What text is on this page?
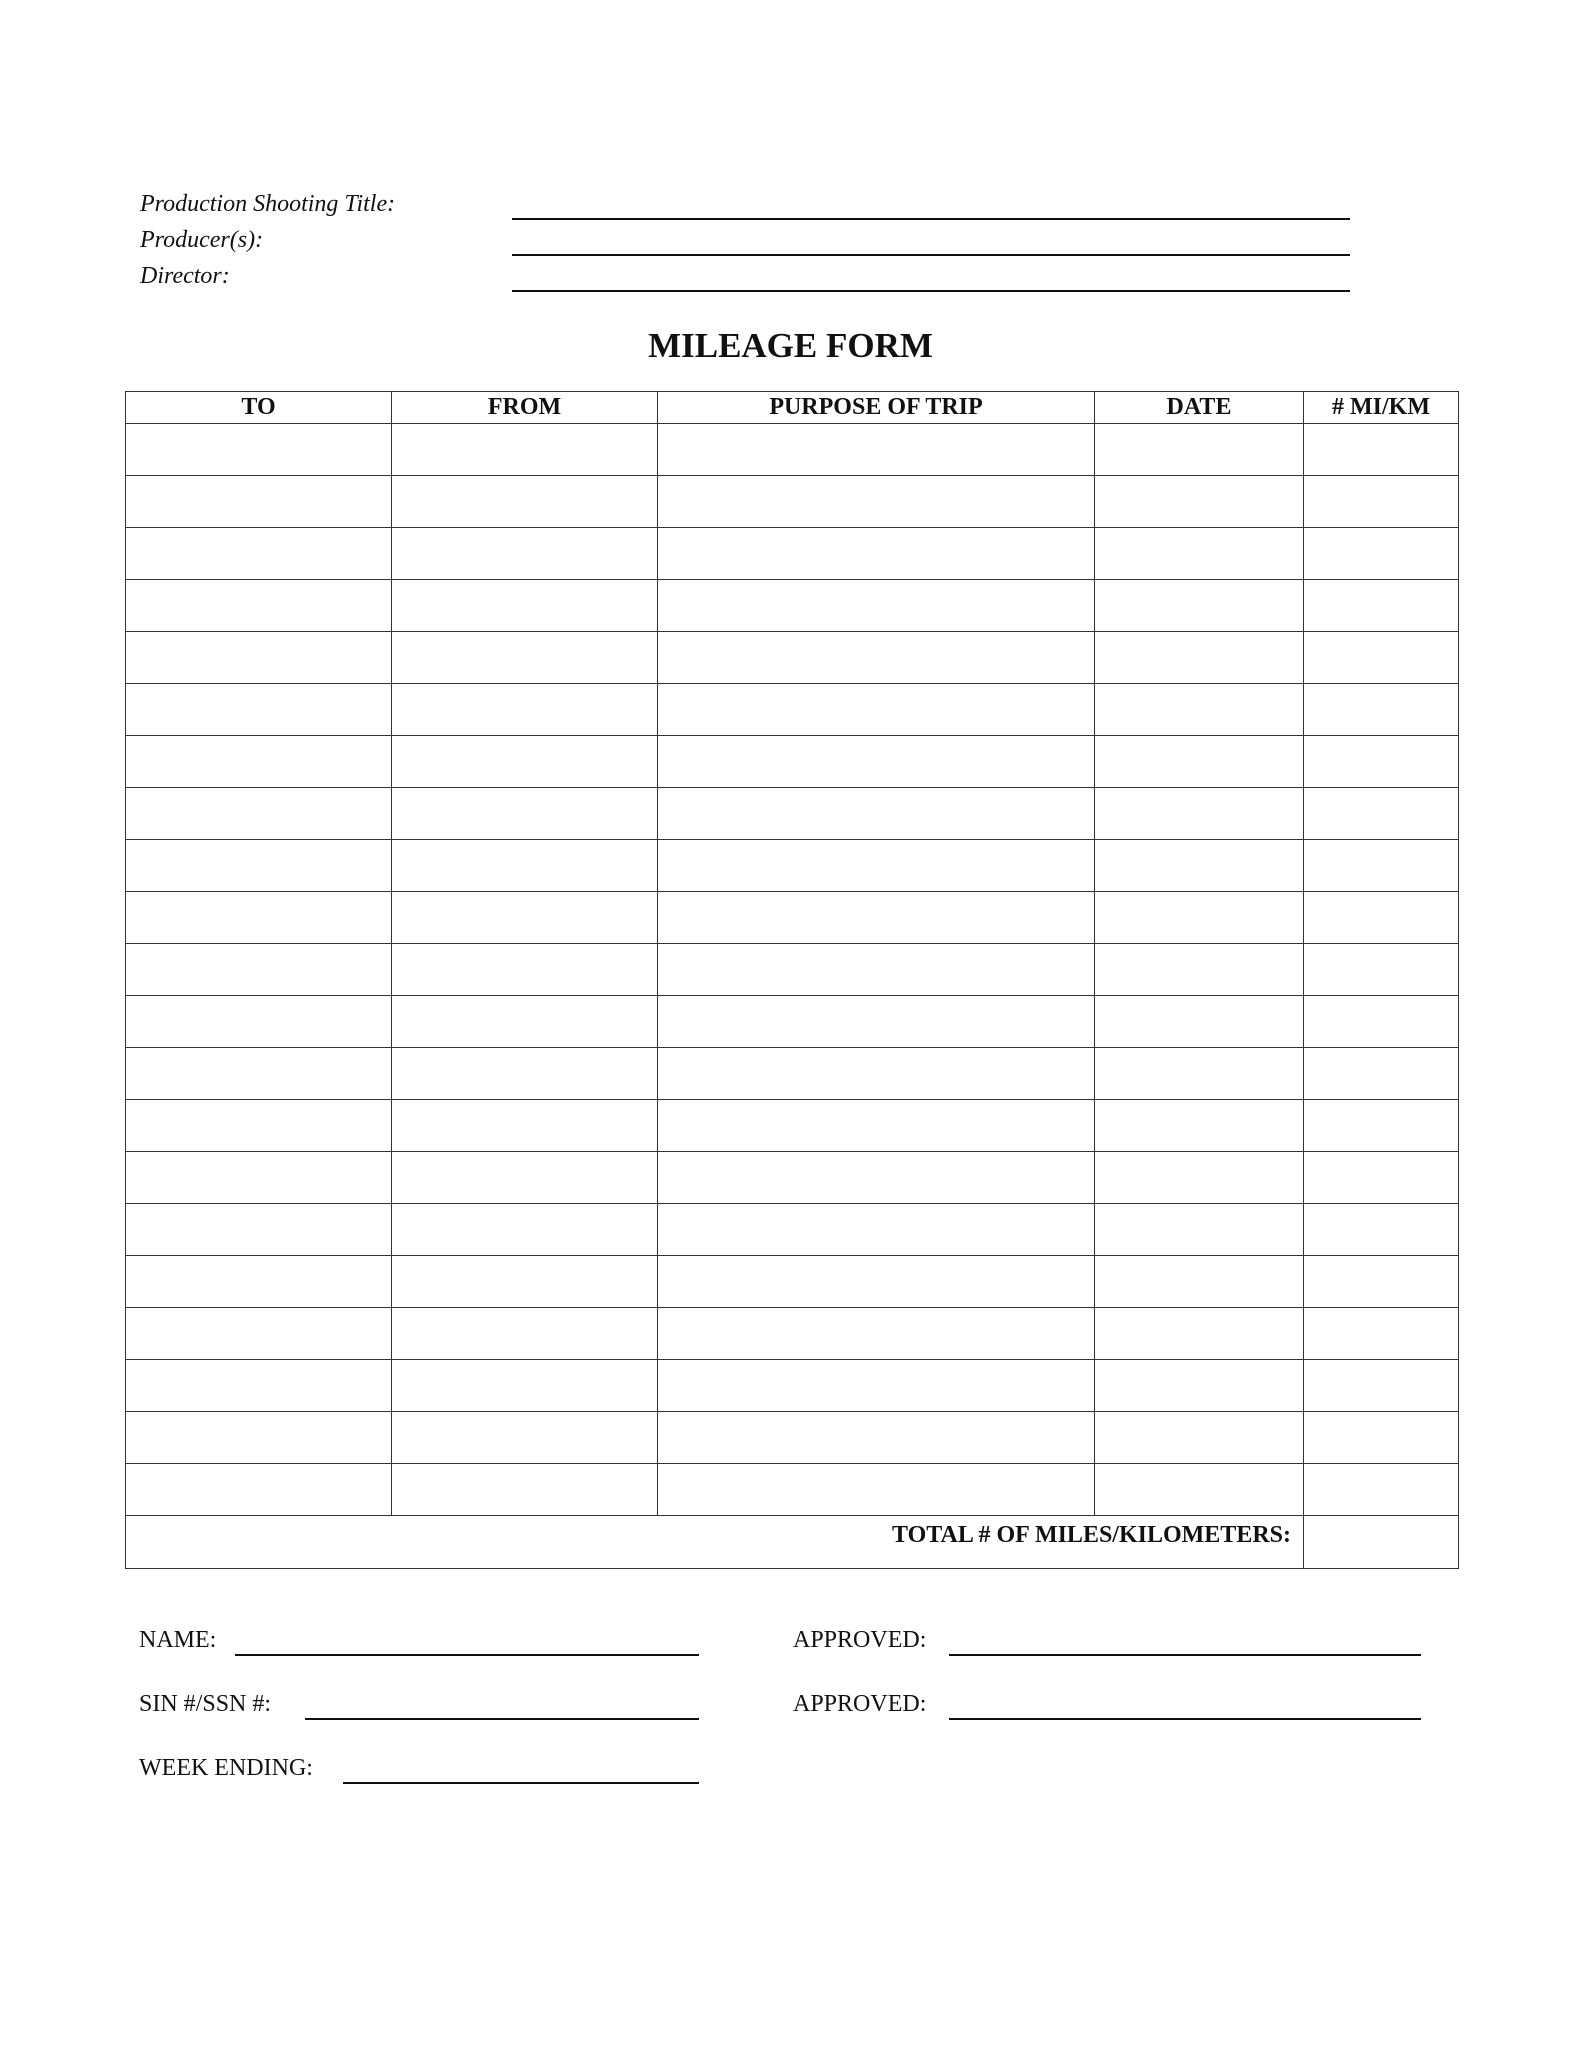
Production Shooting Title:
Producer(s):
Director:
MILEAGE FORM
TO	FROM	PURPOSE OF TRIP	DATE	# MI/KM

TOTAL # OF MILES/KILOMETERS:				
NAME:
SIN #/SSN #:
WEEK ENDING:
APPROVED:
APPROVED:
